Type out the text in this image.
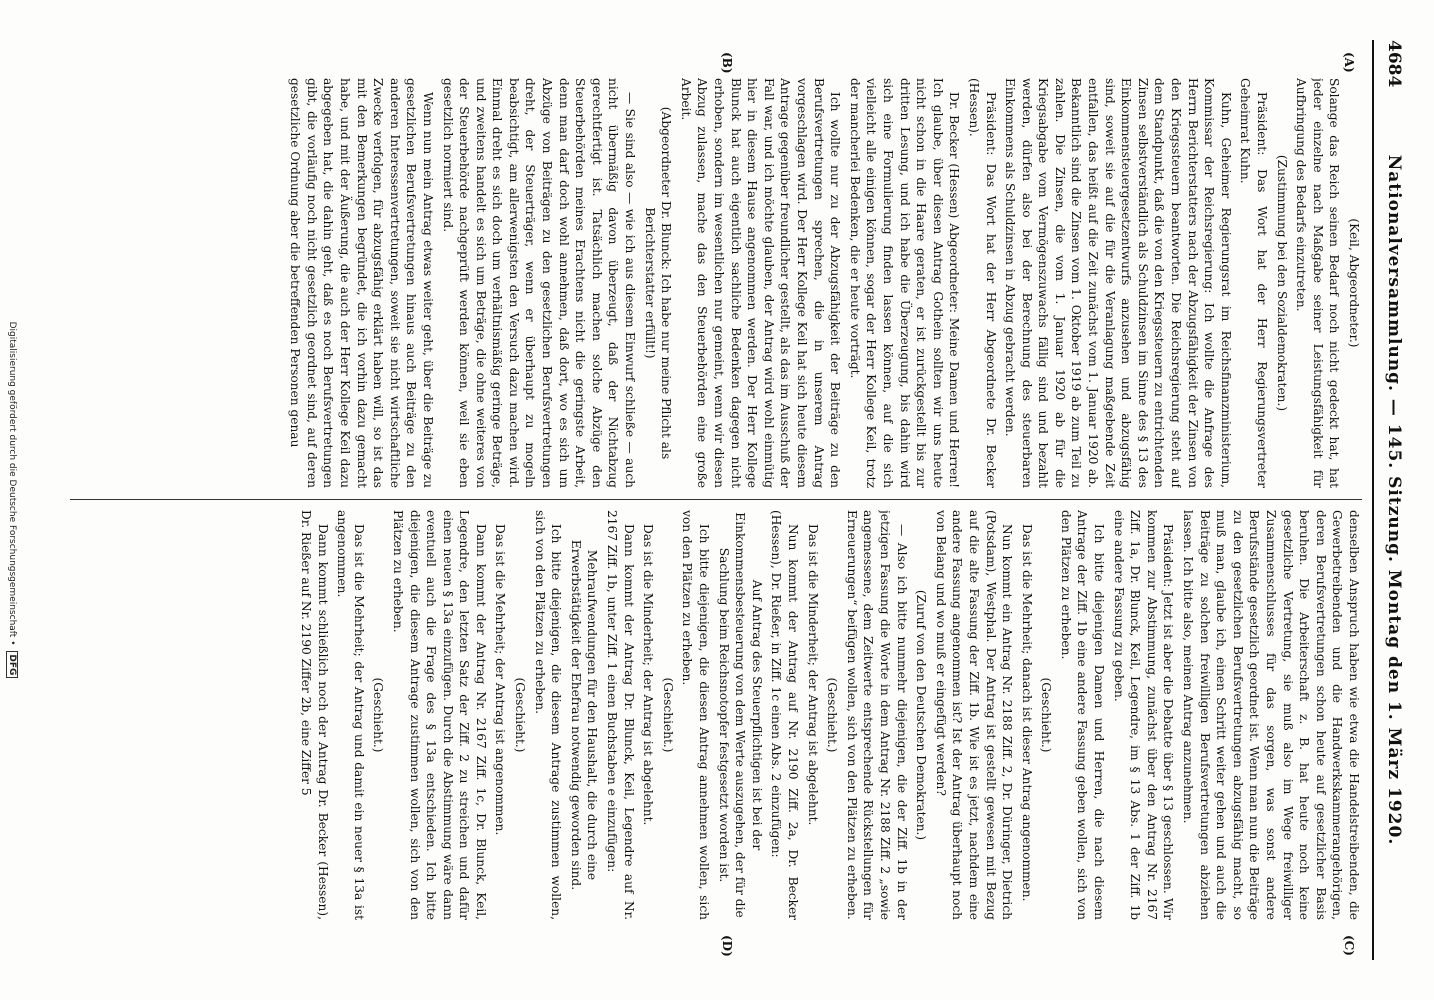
4684
Nationalversammlung. — 145. Sitzung. Montag den 1. März 1920.
(A)
(B)
(C)
(D)

(Keil, Abgeordneter.)

Solange das Reich seinen Bedarf noch nicht gedeckt hat, hat jeder einzelne nach Maßgabe seiner Leistungsfähigkeit für Aufbringung des Bedarfs einzutreten.

(Zustimmung bei den Sozialdemokraten.)

Präsident: Das Wort hat der Herr Regierungsvertreter Geheimrat Kuhn.

Kuhn, Geheimer Regierungsrat im Reichsfinanzministerium, Kommissar der Reichsregierung: Ich wollte die Anfrage des Herrn Berichterstatters nach der Abzugsfähigkeit der Zinsen von den Kriegssteuern beantworten. Die Reichsregierung steht auf dem Standpunkt, daß die von den Kriegssteuern zu entrichtenden Zinsen selbstverständlich als Schuldzinsen im Sinne des § 13 des Einkommensteuergesetzentwurfs anzusehen und abzugsfähig sind, soweit sie auf die für die Veranlagung maßgebende Zeit entfallen, das heißt auf die Zeit zunächst vom 1. Januar 1920 ab. Bekanntlich sind die Zinsen vom 1. Oktober 1919 ab zum Teil zu zahlen. Die Zinsen, die vom 1. Januar 1920 ab für die Kriegsabgabe vom Vermögenszuwachs fällig sind und bezahlt werden, dürfen also bei der Berechnung des steuerbaren Einkommens als Schuldzinsen in Abzug gebracht werden.

Präsident: Das Wort hat der Herr Abgeordnete Dr. Becker (Hessen).

Dr. Becker (Hessen) Abgeordneter: Meine Damen und Herren! Ich glaube, über diesen Antrag Gothein sollten wir uns heute nicht schon in die Haare geraten, er ist zurückgestellt bis zur dritten Lesung, und ich habe die Überzeugung, bis dahin wird sich eine Formulierung finden lassen können, auf die sich vielleicht alle einigen können, sogar der Herr Kollege Keil, trotz der mancherlei Bedenken, die er heute vorträgt.

Ich wollte nur zu der Abzugsfähigkeit der Beiträge zu den Berufsvertretungen sprechen, die in unserem Antrag vorgeschlagen wird. Der Herr Kollege Keil hat sich heute diesem Antrage gegenüber freundlicher gestellt, als das im Ausschuß der Fall war, und ich möchte glauben, der Antrag wird wohl einmütig hier in diesem Hause angenommen werden. Der Herr Kollege Blunck hat auch eigentlich sachliche Bedenken dagegen nicht erhoben, sondern im wesentlichen nur gemeint, wenn wir diesen Abzug zulassen, mache das den Steuerbehörden eine große Arbeit.

(Abgeordneter Dr. Blunck: Ich habe nur meine Pflicht als Berichterstatter erfüllt!)

— Sie sind also — wie ich aus diesem Einwurf schließe — auch nicht übermäßig davon überzeugt, daß der Nichtabzug gerechtfertigt ist. Tatsächlich machen solche Abzüge den Steuerbehörden meines Erachtens nicht die geringste Arbeit, denn man darf doch wohl annehmen, daß dort, wo es sich um Abzüge von Beiträgen zu den gesetzlichen Berufsvertretungen dreht, der Steuerträger, wenn er überhaupt zu mogeln beabsichtigt, am allerwenigsten den Versuch dazu machen wird. Einmal dreht es sich doch um verhältnismäßig geringe Beträge, und zweitens handelt es sich um Beträge, die ohne weiteres von der Steuerbehörde nachgeprüft werden können, weil sie eben gesetzlich normiert sind.

Wenn nun mein Antrag etwas weiter geht, über die Beiträge zu gesetzlichen Berufsvertretungen hinaus auch Beiträge zu den anderen Interessenvertretungen, soweit sie nicht wirtschaftliche Zwecke verfolgen, für abzugsfähig erklärt haben will, so ist das mit den Bemerkungen begründet, die ich vorhin dazu gemacht habe, und mit der Äußerung, die auch der Herr Kollege Keil dazu abgegeben hat, die dahin geht, daß es noch Berufsvertretungen gibt, die vorläufig noch nicht gesetzlich geordnet sind, auf deren gesetzliche Ordnung aber die betreffenden Personen genau

denselben Anspruch haben wie etwa die Handelstreibenden, die Gewerbetreibenden und die Handwerkskammerangehörigen, deren Berufsvertretungen schon heute auf gesetzlicher Basis beruhen. Die Arbeiterschaft z. B. hat heute noch keine gesetzliche Vertretung, sie muß also im Wege freiwilliger Zusammenschlusses für das sorgen, was sonst andere Berufsstände gesetzlich geordnet ist. Wenn man nun die Beiträge zu den gesetzlichen Berufsvertretungen abzugsfähig macht, so muß man, glaube ich, einen Schritt weiter gehen und auch die Beiträge zu solchen freiwilligen Berufsvertretungen abziehen lassen. Ich bitte also, meinen Antrag anzunehmen.

Präsident: Jetzt ist aber die Debatte über § 13 geschlossen. Wir kommen zur Abstimmung, zunächst über den Antrag Nr. 2167 Ziff. 1a, Dr. Blunck, Keil, Legendre, im § 13 Abs. 1 der Ziff. 1b eine andere Fassung zu geben.

Ich bitte diejenigen Damen und Herren, die nach diesem Antrage der Ziff. 1b eine andere Fassung geben wollen, sich von den Plätzen zu erheben.

(Geschieht.)

Das ist die Mehrheit; danach ist dieser Antrag angenommen.

Nun kommt ein Antrag Nr. 2188 Ziff. 2, Dr. Düringer, Dietrich (Potsdam), Westphal. Der Antrag ist gestellt gewesen mit Bezug auf die alte Fassung der Ziff. 1b. Wie ist es jetzt, nachdem eine andere Fassung angenommen ist? Ist der Antrag überhaupt noch von Belang und wo muß er eingefügt werden?

(Zuruf von den Deutschen Demokraten.)

— Also ich bitte nunmehr diejenigen, die der Ziff. 1b in der jetzigen Fassung die Worte in dem Antrag Nr. 2188 Ziff. 2 „sowie angemessene, dem Zeitwerte entsprechende Rückstellungen für Erneuerungen“ beifügen wollen, sich von den Plätzen zu erheben.

(Geschieht.)

Das ist die Minderheit; der Antrag ist abgelehnt.

Nun kommt der Antrag auf Nr. 2190 Ziff. 2a, Dr. Becker (Hessen), Dr. Rießer, in Ziff. 1c einen Abs. 2 einzufügen:

Auf Antrag des Steuerpflichtigen ist bei der Einkommensbesteuerung von dem Werte auszugehen, der für die Sachlung beim Reichsnotopfer festgesetzt worden ist.

Ich bitte diejenigen, die diesen Antrag annehmen wollen, sich von den Plätzen zu erheben.

(Geschieht.)

Das ist die Minderheit; der Antrag ist abgelehnt.

Dann kommt der Antrag Dr. Blunck, Keil, Legendre auf Nr. 2167 Ziff. 1b, unter Ziff. 1 einen Buchstaben e einzufügen:

Mehraufwendungen für den Haushalt, die durch eine Erwerbstätigkeit der Ehefrau notwendig geworden sind.

Ich bitte diejenigen, die diesem Antrage zustimmen wollen, sich von den Plätzen zu erheben.

(Geschieht.)

Das ist die Mehrheit; der Antrag ist angenommen.

Dann kommt der Antrag Nr. 2167 Ziff. 1c, Dr. Blunck, Keil, Legendre, den letzten Satz der Ziff. 2 zu streichen und dafür einen neuen § 13a einzufügen. Durch die Abstimmung wäre dann eventuell auch die Frage des § 13a entschieden. Ich bitte diejenigen, die diesem Antrage zustimmen wollen, sich von den Plätzen zu erheben.

(Geschieht.)

Das ist die Mehrheit; der Antrag und damit ein neuer § 13a ist angenommen.

Dann kommt schließlich noch der Antrag Dr. Becker (Hessen), Dr. Rießer auf Nr. 2190 Ziffer 2b, eine Ziffer 5

Digitalisierung gefördert durch die Deutsche Forschungsgemeinschaft • DFG
